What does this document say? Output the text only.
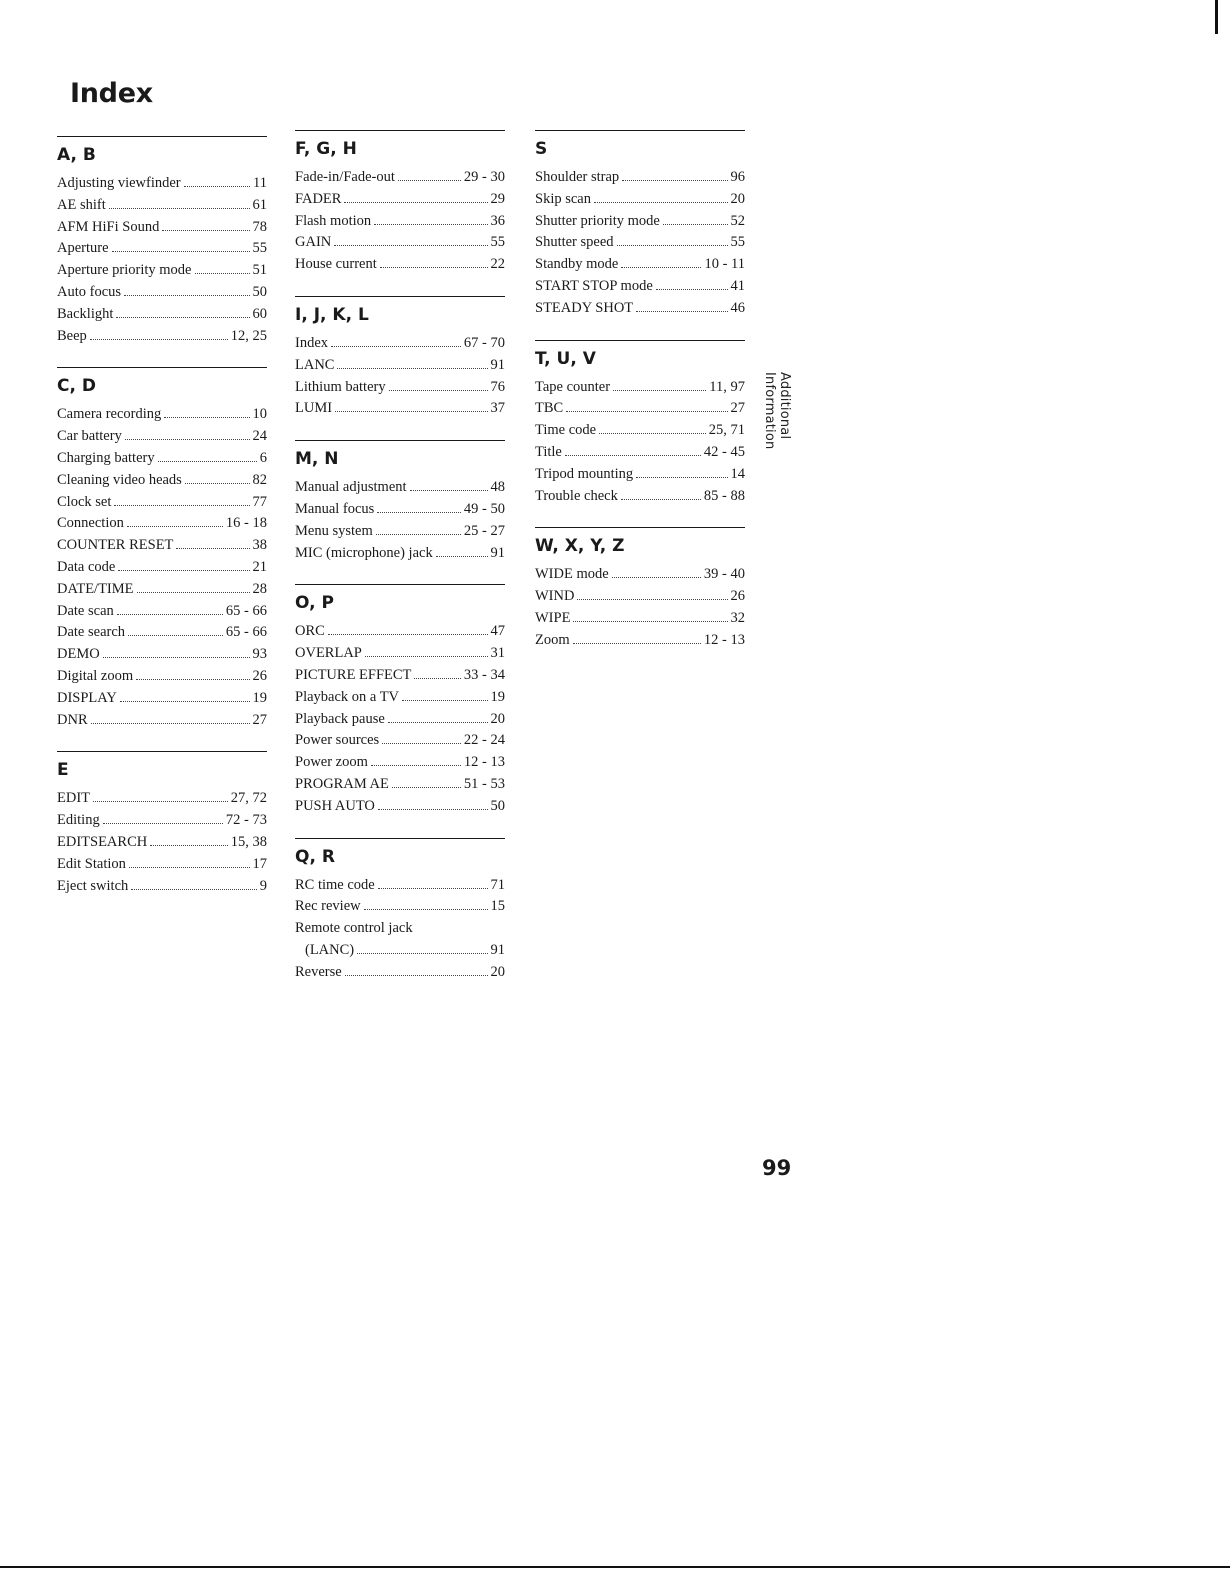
Index
A, B
Adjusting viewfinder	11
AE shift	61
AFM HiFi Sound	78
Aperture	55
Aperture priority mode	51
Auto focus	50
Backlight	60
Beep	12, 25
C, D
Camera recording	10
Car battery	24
Charging battery	6
Cleaning video heads	82
Clock set	77
Connection	16 - 18
COUNTER RESET	38
Data code	21
DATE/TIME	28
Date scan	65 - 66
Date search	65 - 66
DEMO	93
Digital zoom	26
DISPLAY	19
DNR	27
E
EDIT	27, 72
Editing	72 - 73
EDITSEARCH	15, 38
Edit Station	17
Eject switch	9
F, G, H
Fade-in/Fade-out	29 - 30
FADER	29
Flash motion	36
GAIN	55
House current	22
I, J, K, L
Index	67 - 70
LANC	91
Lithium battery	76
LUMI	37
M, N
Manual adjustment	48
Manual focus	49 - 50
Menu system	25 - 27
MIC (microphone) jack	91
O, P
ORC	47
OVERLAP	31
PICTURE EFFECT	33 - 34
Playback on a TV	19
Playback pause	20
Power sources	22 - 24
Power zoom	12 - 13
PROGRAM AE	51 - 53
PUSH AUTO	50
Q, R
RC time code	71
Rec review	15
Remote control jack
(LANC)	91
Reverse	20
S
Shoulder strap	96
Skip scan	20
Shutter priority mode	52
Shutter speed	55
Standby mode	10 - 11
START STOP mode	41
STEADY SHOT	46
T, U, V
Tape counter	11, 97
TBC	27
Time code	25, 71
Title	42 - 45
Tripod mounting	14
Trouble check	85 - 88
W, X, Y, Z
WIDE mode	39 - 40
WIND	26
WIPE	32
Zoom	12 - 13
Additional Information
99
